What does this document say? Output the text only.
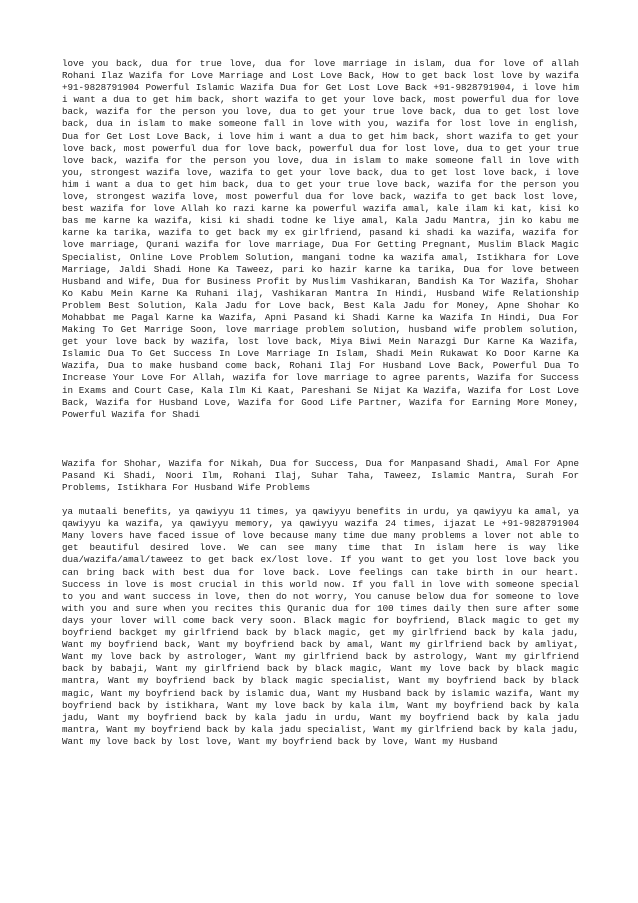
love you back, dua for true love, dua for love marriage in islam, dua for love of allah Rohani Ilaz Wazifa for Love Marriage and Lost Love Back, How to get back lost love by wazifa +91-9828791904 Powerful Islamic Wazifa Dua for Get Lost Love Back +91-9828791904, i love him i want a dua to get him back, short wazifa to get your love back, most powerful dua for love back, wazifa for the person you love, dua to get your true love back, dua to get lost love back, dua in islam to make someone fall in love with you, wazifa for lost love in english, Dua for Get Lost Love Back, i love him i want a dua to get him back, short wazifa to get your love back, most powerful dua for love back, powerful dua for lost love, dua to get your true love back, wazifa for the person you love, dua in islam to make someone fall in love with you, strongest wazifa love, wazifa to get your love back, dua to get lost love back, i love him i want a dua to get him back, dua to get your true love back, wazifa for the person you love, strongest wazifa love, most powerful dua for love back, wazifa to get back lost love, best wazifa for love Allah ko razi karne ka powerful wazifa amal, kale ilam ki kat, kisi ko bas me karne ka wazifa, kisi ki shadi todne ke liye amal, Kala Jadu Mantra, jin ko kabu me karne ka tarika, wazifa to get back my ex girlfriend, pasand ki shadi ka wazifa, wazifa for love marriage, Qurani wazifa for love marriage, Dua For Getting Pregnant, Muslim Black Magic Specialist, Online Love Problem Solution, mangani todne ka wazifa amal, Istikhara for Love Marriage, Jaldi Shadi Hone Ka Taweez, pari ko hazir karne ka tarika, Dua for love between Husband and Wife, Dua for Business Profit by Muslim Vashikaran, Bandish Ka Tor Wazifa, Shohar Ko Kabu Mein Karne Ka Ruhani ilaj, Vashikaran Mantra In Hindi, Husband Wife Relationship Problem Best Solution, Kala Jadu for Love back, Best Kala Jadu for Money, Apne Shohar Ko Mohabbat me Pagal Karne ka Wazifa, Apni Pasand ki Shadi Karne ka Wazifa In Hindi, Dua For Making To Get Marrige Soon, love marriage problem solution, husband wife problem solution, get your love back by wazifa, lost love back, Miya Biwi Mein Narazgi Dur Karne Ka Wazifa, Islamic Dua To Get Success In Love Marriage In Islam, Shadi Mein Rukawat Ko Door Karne Ka Wazifa, Dua to make husband come back, Rohani Ilaj For Husband Love Back, Powerful Dua To Increase Your Love For Allah, wazifa for love marriage to agree parents, Wazifa for Success in Exams and Court Case, Kala Ilm Ki Kaat, Pareshani Se Nijat Ka Wazifa, Wazifa for Lost Love Back, Wazifa for Husband Love, Wazifa for Good Life Partner, Wazifa for Earning More Money, Powerful Wazifa for Shadi

Wazifa for Shohar, Wazifa for Nikah, Dua for Success, Dua for Manpasand Shadi, Amal For Apne Pasand Ki Shadi, Noori Ilm, Rohani Ilaj, Suhar Taha, Taweez, Islamic Mantra, Surah For Problems, Istikhara For Husband Wife Problems

ya mutaali benefits, ya qawiyyu 11 times, ya qawiyyu benefits in urdu, ya qawiyyu ka amal, ya qawiyyu ka wazifa, ya qawiyyu memory, ya qawiyyu wazifa 24 times, ijazat Le +91-9828791904 Many lovers have faced issue of love because many time due many problems a lover not able to get beautiful desired love. We can see many time that In islam here is way like dua/wazifa/amal/taweez to get back ex/lost love. If you want to get you lost love back you can bring back with best dua for love back. Love feelings can take birth in our heart. Success in love is most crucial in this world now. If you fall in love with someone special to you and want success in love, then do not worry, You canuse below dua for someone to love with you and sure when you recites this Quranic dua for 100 times daily then sure after some days your lover will come back very soon. Black magic for boyfriend, Black magic to get my boyfriend backget my girlfriend back by black magic, get my girlfriend back by kala jadu, Want my boyfriend back, Want my boyfriend back by amal, Want my girlfriend back by amliyat, Want my love back by astrologer, Want my girlfriend back by astrology, Want my girlfriend back by babaji, Want my girlfriend back by black magic, Want my love back by black magic mantra, Want my boyfriend back by black magic specialist, Want my boyfriend back by black magic, Want my boyfriend back by islamic dua, Want my Husband back by islamic wazifa, Want my boyfriend back by istikhara, Want my love back by kala ilm, Want my boyfriend back by kala jadu, Want my boyfriend back by kala jadu in urdu, Want my boyfriend back by kala jadu mantra, Want my boyfriend back by kala jadu specialist, Want my girlfriend back by kala jadu, Want my love back by lost love, Want my boyfriend back by love, Want my Husband
